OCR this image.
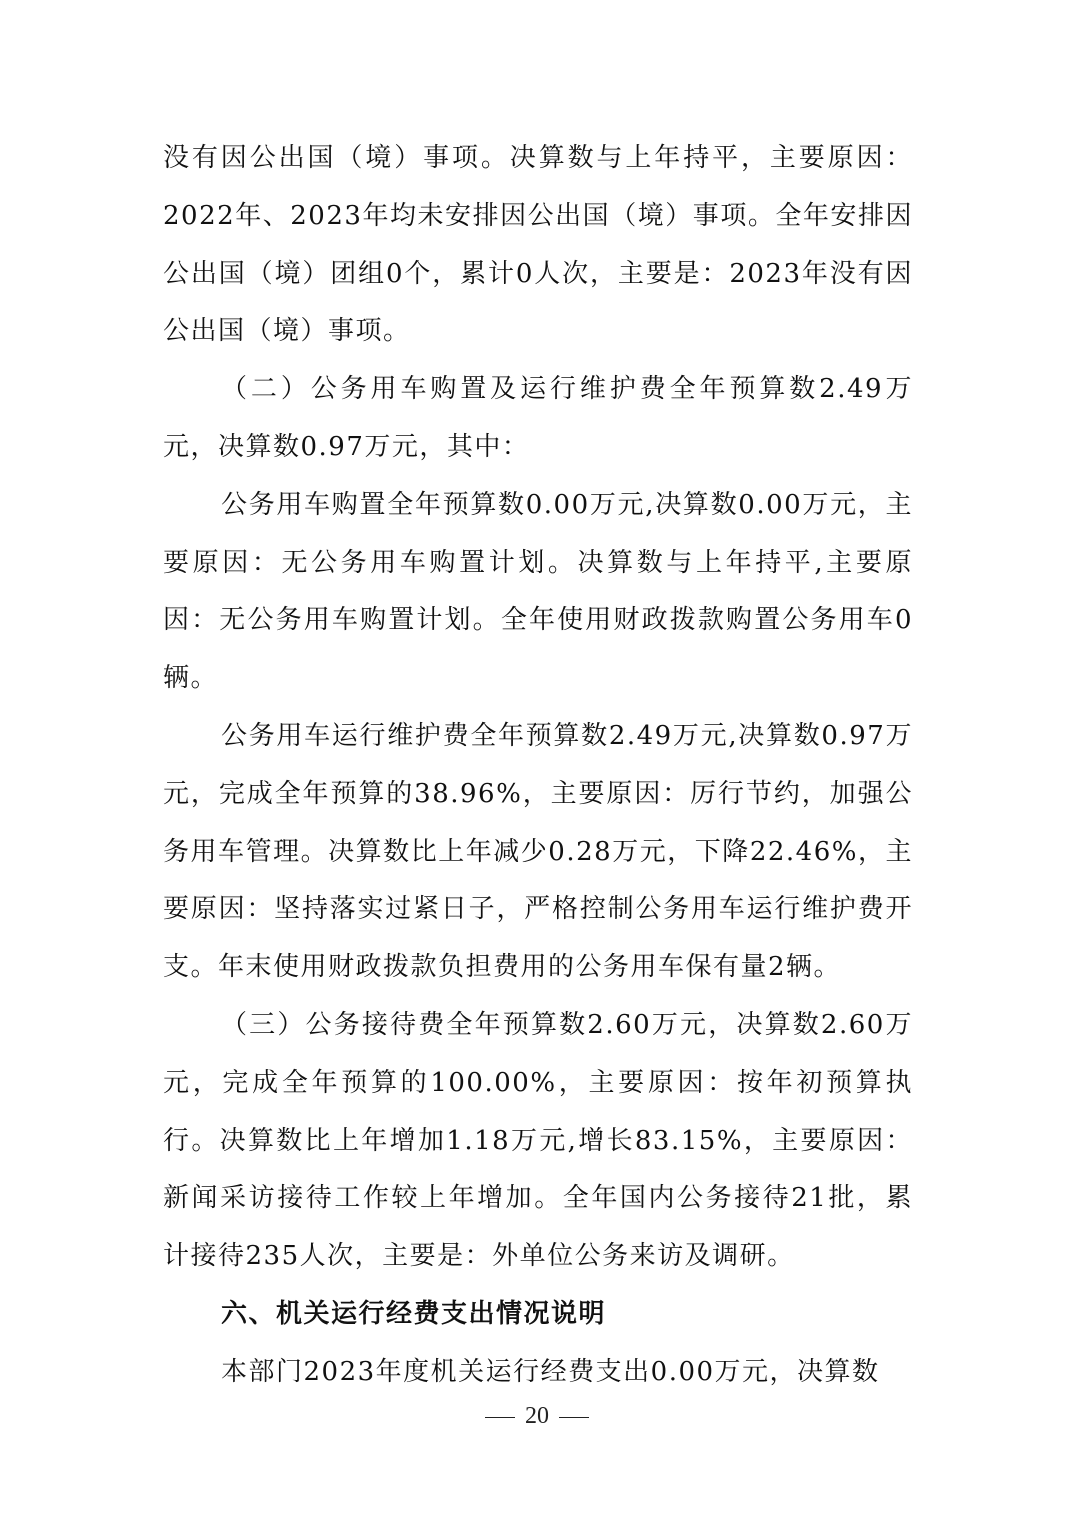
没有因公出国（境）事项。决算数与上年持平，主要原因：2022年、2023年均未安排因公出国（境）事项。全年安排因公出国（境）团组0个，累计0人次，主要是：2023年没有因公出国（境）事项。

（二）公务用车购置及运行维护费全年预算数2.49万元，决算数0.97万元，其中：

公务用车购置全年预算数0.00万元,决算数0.00万元，主要原因：无公务用车购置计划。决算数与上年持平,主要原因：无公务用车购置计划。全年使用财政拨款购置公务用车0辆。

公务用车运行维护费全年预算数2.49万元,决算数0.97万元，完成全年预算的38.96%，主要原因：厉行节约，加强公务用车管理。决算数比上年减少0.28万元，下降22.46%，主要原因：坚持落实过紧日子，严格控制公务用车运行维护费开支。年末使用财政拨款负担费用的公务用车保有量2辆。

（三）公务接待费全年预算数2.60万元，决算数2.60万元，完成全年预算的100.00%，主要原因：按年初预算执行。决算数比上年增加1.18万元,增长83.15%，主要原因：新闻采访接待工作较上年增加。全年国内公务接待21批，累计接待235人次，主要是：外单位公务来访及调研。

六、机关运行经费支出情况说明

本部门2023年度机关运行经费支出0.00万元，决算数

20
